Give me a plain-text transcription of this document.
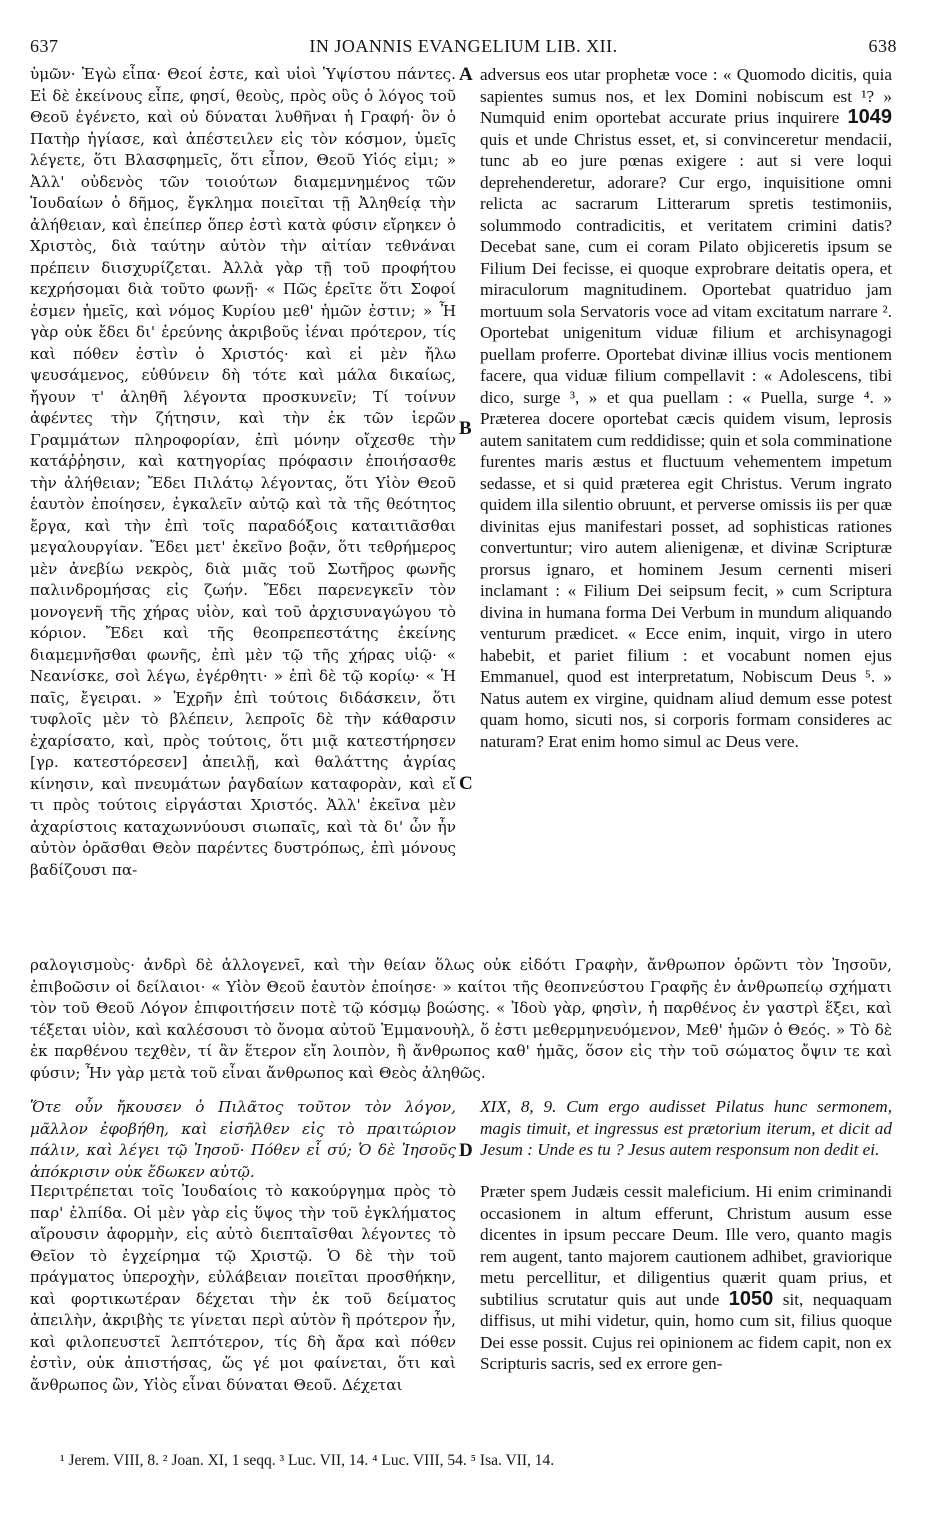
637	IN JOANNIS EVANGELIUM LIB. XII.	638
ὑμῶν· Ἐγὼ εἶπα· Θεοί ἐστε, καὶ υἱοὶ Ὑψίστου πάντες. Εἰ δὲ ἐκείνους εἶπε, φησί, θεοὺς, πρὸς οὓς ὁ λόγος τοῦ Θεοῦ ἐγένετο, καὶ οὐ δύναται λυθῆναι ἡ Γραφή· ὃν ὁ Πατὴρ ἡγίασε, καὶ ἀπέστειλεν εἰς τὸν κόσμον, ὑμεῖς λέγετε, ὅτι Βλασφημεῖς, ὅτι εἶπον, Θεοῦ Υἱός εἰμι; » Ἀλλ' οὐδενὸς τῶν τοιούτων διαμεμνημένος τῶν Ἰουδαίων ὁ δῆμος, ἔγκλημα ποιεῖται τῇ Ἀληθείᾳ τὴν ἀλήθειαν, καὶ ἐπείπερ ὅπερ ἐστὶ κατὰ φύσιν εἴρηκεν ὁ Χριστὸς, διὰ ταύτην αὐτὸν τὴν αἰτίαν τεθνάναι πρέπειν διισχυρίζεται. Ἀλλὰ γὰρ τῇ τοῦ προφήτου κεχρήσομαι διὰ τοῦτο φωνῇ· « Πῶς ἐρεῖτε ὅτι Σοφοί ἐσμεν ἡμεῖς, καὶ νόμος Κυρίου μεθ' ἡμῶν ἐστιν; » Ἦ γὰρ οὐκ ἔδει δι' ἐρεύνης ἀκριβοῦς ἰέναι πρότερον, τίς καὶ πόθεν ἐστὶν ὁ Χριστός· καὶ εἰ μὲν ἤλω ψευσάμενος, εὐθύνειν δὴ τότε καὶ μάλα δικαίως, ἤγουν τ' ἀληθῆ λέγοντα προσκυνεῖν; Τί τοίνυν ἀφέντες τὴν ζήτησιν, καὶ τὴν ἐκ τῶν ἱερῶν Γραμμάτων πληροφορίαν, ἐπὶ μόνην οἴχεσθε τὴν κατάῤῥησιν, καὶ κατηγορίας πρόφασιν ἐποιήσασθε τὴν ἀλήθειαν; Ἔδει Πιλάτῳ λέγοντας, ὅτι Υἱὸν Θεοῦ ἑαυτὸν ἐποίησεν, ἐγκαλεῖν αὐτῷ καὶ τὰ τῆς θεότητος ἔργα, καὶ τὴν ἐπὶ τοῖς παραδόξοις καταιτιᾶσθαι μεγαλουργίαν. Ἔδει μετ' ἐκεῖνο βοᾷν, ὅτι τεθρήμερος μὲν ἀνεβίω νεκρὸς, διὰ μιᾶς τοῦ Σωτῆρος φωνῆς παλινδρομήσας εἰς ζωήν. Ἔδει παρενεγκεῖν τὸν μονογενῆ τῆς χήρας υἱὸν, καὶ τοῦ ἀρχισυναγώγου τὸ κόριον. Ἔδει καὶ τῆς θεοπρεπεστάτης ἐκείνης διαμεμνῆσθαι φωνῆς, ἐπὶ μὲν τῷ τῆς χήρας υἱῷ· « Νεανίσκε, σοὶ λέγω, ἐγέρθητι· » ἐπὶ δὲ τῷ κορίῳ· « Ἡ παῖς, ἔγειραι. » Ἐχρῆν ἐπὶ τούτοις διδάσκειν, ὅτι τυφλοῖς μὲν τὸ βλέπειν, λεπροῖς δὲ τὴν κάθαρσιν ἐχαρίσατο, καὶ, πρὸς τούτοις, ὅτι μιᾷ κατεστήρησεν [γρ. κατεστόρεσεν] ἀπειλῇ, καὶ θαλάττης ἀγρίας κίνησιν, καὶ πνευμάτων ῥαγδαίων καταφορὰν, καὶ εἴ τι πρὸς τούτοις εἰργάσται Χριστός. Ἀλλ' ἐκεῖνα μὲν ἀχαρίστοις καταχωννύουσι σιωπαῖς, καὶ τὰ δι' ὧν ἦν αὐτὸν ὁρᾶσθαι Θεὸν παρέντες δυστρόπως, ἐπὶ μόνους βαδίζουσι πα-
adversus eos utar prophetæ voce : « Quomodo dicitis, quia sapientes sumus nos, et lex Domini nobiscum est ¹? » Numquid enim oportebat accurate prius inquirere 1049 quis et unde Christus esset, et, si convinceretur mendacii, tunc ab eo jure pœnas exigere : aut si vere loqui deprehenderetur, adorare? Cur ergo, inquisitione omni relicta ac sacrarum Litterarum spretis testimoniis, solummodo contradicitis, et veritatem crimini datis? Decebat sane, cum ei coram Pilato objiceretis ipsum se Filium Dei fecisse, ei quoque exprobrare deitatis opera, et miraculorum magnitudinem. Oportebat quatriduo jam mortuum sola Servatoris voce ad vitam excitatum narrare ². Oportebat unigenitum viduæ filium et archisynagogi puellam proferre. Oportebat divinæ illius vocis mentionem facere, qua viduæ filium compellavit : « Adolescens, tibi dico, surge ³, » et qua puellam : « Puella, surge ⁴. » Præterea docere oportebat cæcis quidem visum, leprosis autem sanitatem cum reddidisse; quin et sola comminatione furentes maris æstus et fluctuum vehementem impetum sedasse, et si quid præterea egit Christus. Verum ingrato quidem illa silentio obruunt, et perverse omissis iis per quæ divinitas ejus manifestari posset, ad sophisticas rationes convertuntur; viro autem alienigenæ, et divinæ Scripturæ prorsus ignaro, et hominem Jesum cernenti miseri inclamant : « Filium Dei seipsum fecit, » cum Scriptura divina in humana forma Dei Verbum in mundum aliquando venturum prædicet. « Ecce enim, inquit, virgo in utero habebit, et pariet filium : et vocabunt nomen ejus Emmanuel, quod est interpretatum, Nobiscum Deus ⁵. » Natus autem ex virgine, quidnam aliud demum esse potest quam homo, sicuti nos, si corporis formam consideres ac naturam? Erat enim homo simul ac Deus vere.
A
B
C
D
ραλογισμοὺς· ἀνδρὶ δὲ ἀλλογενεῖ, καὶ τὴν θείαν ὅλως οὐκ εἰδότι Γραφὴν, ἄνθρωπον ὁρῶντι τὸν Ἰησοῦν, ἐπιβοῶσιν οἱ δείλαιοι· « Υἱὸν Θεοῦ ἑαυτὸν ἐποίησε· » καίτοι τῆς θεοπνεύστου Γραφῆς ἐν ἀνθρωπείῳ σχήματι τὸν τοῦ Θεοῦ Λόγον ἐπιφοιτήσειν ποτὲ τῷ κόσμῳ βοώσης. « Ἰδοὺ γὰρ, φησὶν, ἡ παρθένος ἐν γαστρὶ ἕξει, καὶ τέξεται υἱὸν, καὶ καλέσουσι τὸ ὄνομα αὐτοῦ Ἐμμανουὴλ, ὅ ἐστι μεθερμηνευόμενον, Μεθ' ἡμῶν ὁ Θεός. » Τὸ δὲ ἐκ παρθένου τεχθὲν, τί ἂν ἕτερον εἴη λοιπὸν, ἢ ἄνθρωπος καθ' ἡμᾶς, ὅσον εἰς τὴν τοῦ σώματος ὄψιν τε καὶ φύσιν; Ἦν γὰρ μετὰ τοῦ εἶναι ἄνθρωπος καὶ Θεὸς ἀληθῶς.
Ὅτε οὖν ἤκουσεν ὁ Πιλᾶτος τοῦτον τὸν λόγον, μᾶλλον ἐφοβήθη, καὶ εἰσῆλθεν εἰς τὸ πραιτώριον πάλιν, καὶ λέγει τῷ Ἰησοῦ· Πόθεν εἶ σύ; Ὁ δὲ Ἰησοῦς ἀπόκρισιν οὐκ ἔδωκεν αὐτῷ.
Περιτρέπεται τοῖς Ἰουδαίοις τὸ κακούργημα πρὸς τὸ παρ' ἐλπίδα. Οἱ μὲν γὰρ εἰς ὕψος τὴν τοῦ ἐγκλήματος αἴρουσιν ἀφορμὴν, εἰς αὐτὸ διεπταῖσθαι λέγοντες τὸ Θεῖον τὸ ἐγχείρημα τῷ Χριστῷ. Ὁ δὲ τὴν τοῦ πράγματος ὑπεροχὴν, εὐλάβειαν ποιεῖται προσθήκην, καὶ φορτικωτέραν δέχεται τὴν ἐκ τοῦ δείματος ἀπειλὴν, ἀκριβὴς τε γίνεται περὶ αὐτὸν ἢ πρότερον ἦν, καὶ φιλοπευστεῖ λεπτότερον, τίς δὴ ἄρα καὶ πόθεν ἐστὶν, οὐκ ἀπιστήσας, ὥς γέ μοι φαίνεται, ὅτι καὶ ἄνθρωπος ὢν, Υἱὸς εἶναι δύναται Θεοῦ. Δέχεται
XIX, 8, 9. Cum ergo audisset Pilatus hunc sermonem, magis timuit, et ingressus est prætorium iterum, et dicit ad Jesum : Unde es tu ? Jesus autem responsum non dedit ei.
Præter spem Judæis cessit maleficium. Hi enim criminandi occasionem in altum efferunt, Christum ausum esse dicentes in ipsum peccare Deum. Ille vero, quanto magis rem augent, tanto majorem cautionem adhibet, graviorique metu percellitur, et diligentius quærit quam prius, et subtilius scrutatur quis aut unde 1050 sit, nequaquam diffisus, ut mihi videtur, quin, homo cum sit, filius quoque Dei esse possit. Cujus rei opinionem ac fidem capit, non ex Scripturis sacris, sed ex errore gen-
¹ Jerem. VIII, 8. ² Joan. XI, 1 seqq. ³ Luc. VII, 14. ⁴ Luc. VIII, 54. ⁵ Isa. VII, 14.
